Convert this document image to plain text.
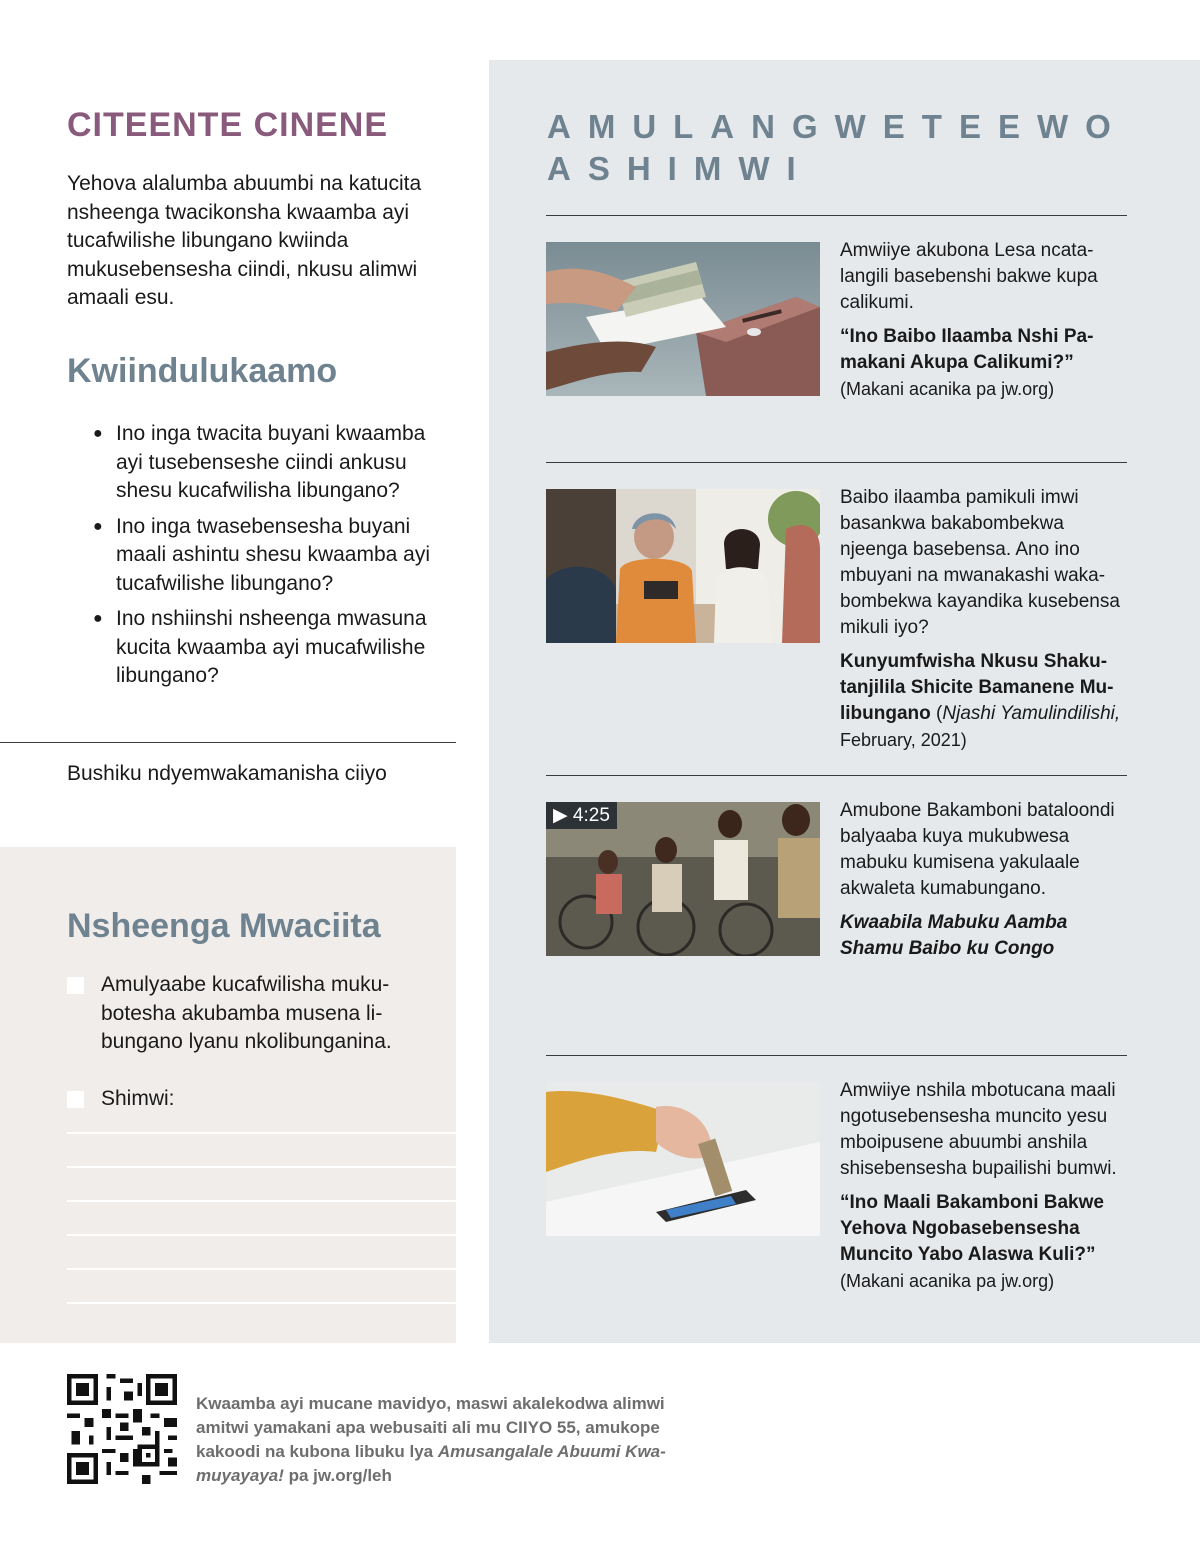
CITEENTE CINENE

Yehova alalumba abuumbi na katucita nsheenga twacikonsha kwaamba ayi tucafwilishe libungano kwiinda mukusebensesha ciindi, nkusu alimwi amaali esu.

Kwiindulukaamo
● Ino inga twacita buyani kwaamba ayi tusebenseshe ciindi ankusu shesu kucafwilisha libungano?
● Ino inga twasebensesha buyani maali ashintu shesu kwaamba ayi tucafwilishe libungano?
● Ino nshiinshi nsheenga mwasuna kucita kwaamba ayi mucafwilishe libungano?
Bushiku ndyemwakamanisha ciiyo
Nsheenga Mwaciita
Amulyaabe kucafwilisha mukubotesha akubamba musena libungano lyanu nkolibunganina.
Shimwi:
AMULANGWETEEWO ASHIMWI
Amwiiye akubona Lesa ncatalangili basebenshi bakwe kupa calikumi.
“Ino Baibo Ilaamba Nshi Pamakani Akupa Calikumi?”
(Makani acanika pa jw.org)
Baibo ilaamba pamikuli imwi basankwa bakabombekwa njeenga basebensa. Ano ino mbuyani na mwanakashi wakabombekwa kayandika kusebensa mikuli iyo?
Kunyumfwisha Nkusu Shakutanjilila Shicite Bamanene Mulibungano (Njashi Yamulindilishi,
February, 2021)
▶ 4:25	Amubone Bakamboni bataloondi balyaaba kuya mukubwesa mabuku kumisena yakulaale akwaleta kumabungano.
Kwaabila Mabuku Aamba Shamu Baibo ku Congo
Amwiiye nshila mbotucana maali ngotusebensesha muncito yesu mboipusene abuumbi anshila shisebensesha bupailishi bumwi.
“Ino Maali Bakamboni Bakwe Yehova Ngobasebensesha Muncito Yabo Alaswa Kuli?”
(Makani acanika pa jw.org)

Kwaamba ayi mucane mavidyo, maswi akalekodwa alimwi amitwi yamakani apa webusaiti ali mu CIIYO 55, amukope kakoodi na kubona libuku lya Amusangalale Abuumi Kwamuyayaya! pa jw.org/leh
